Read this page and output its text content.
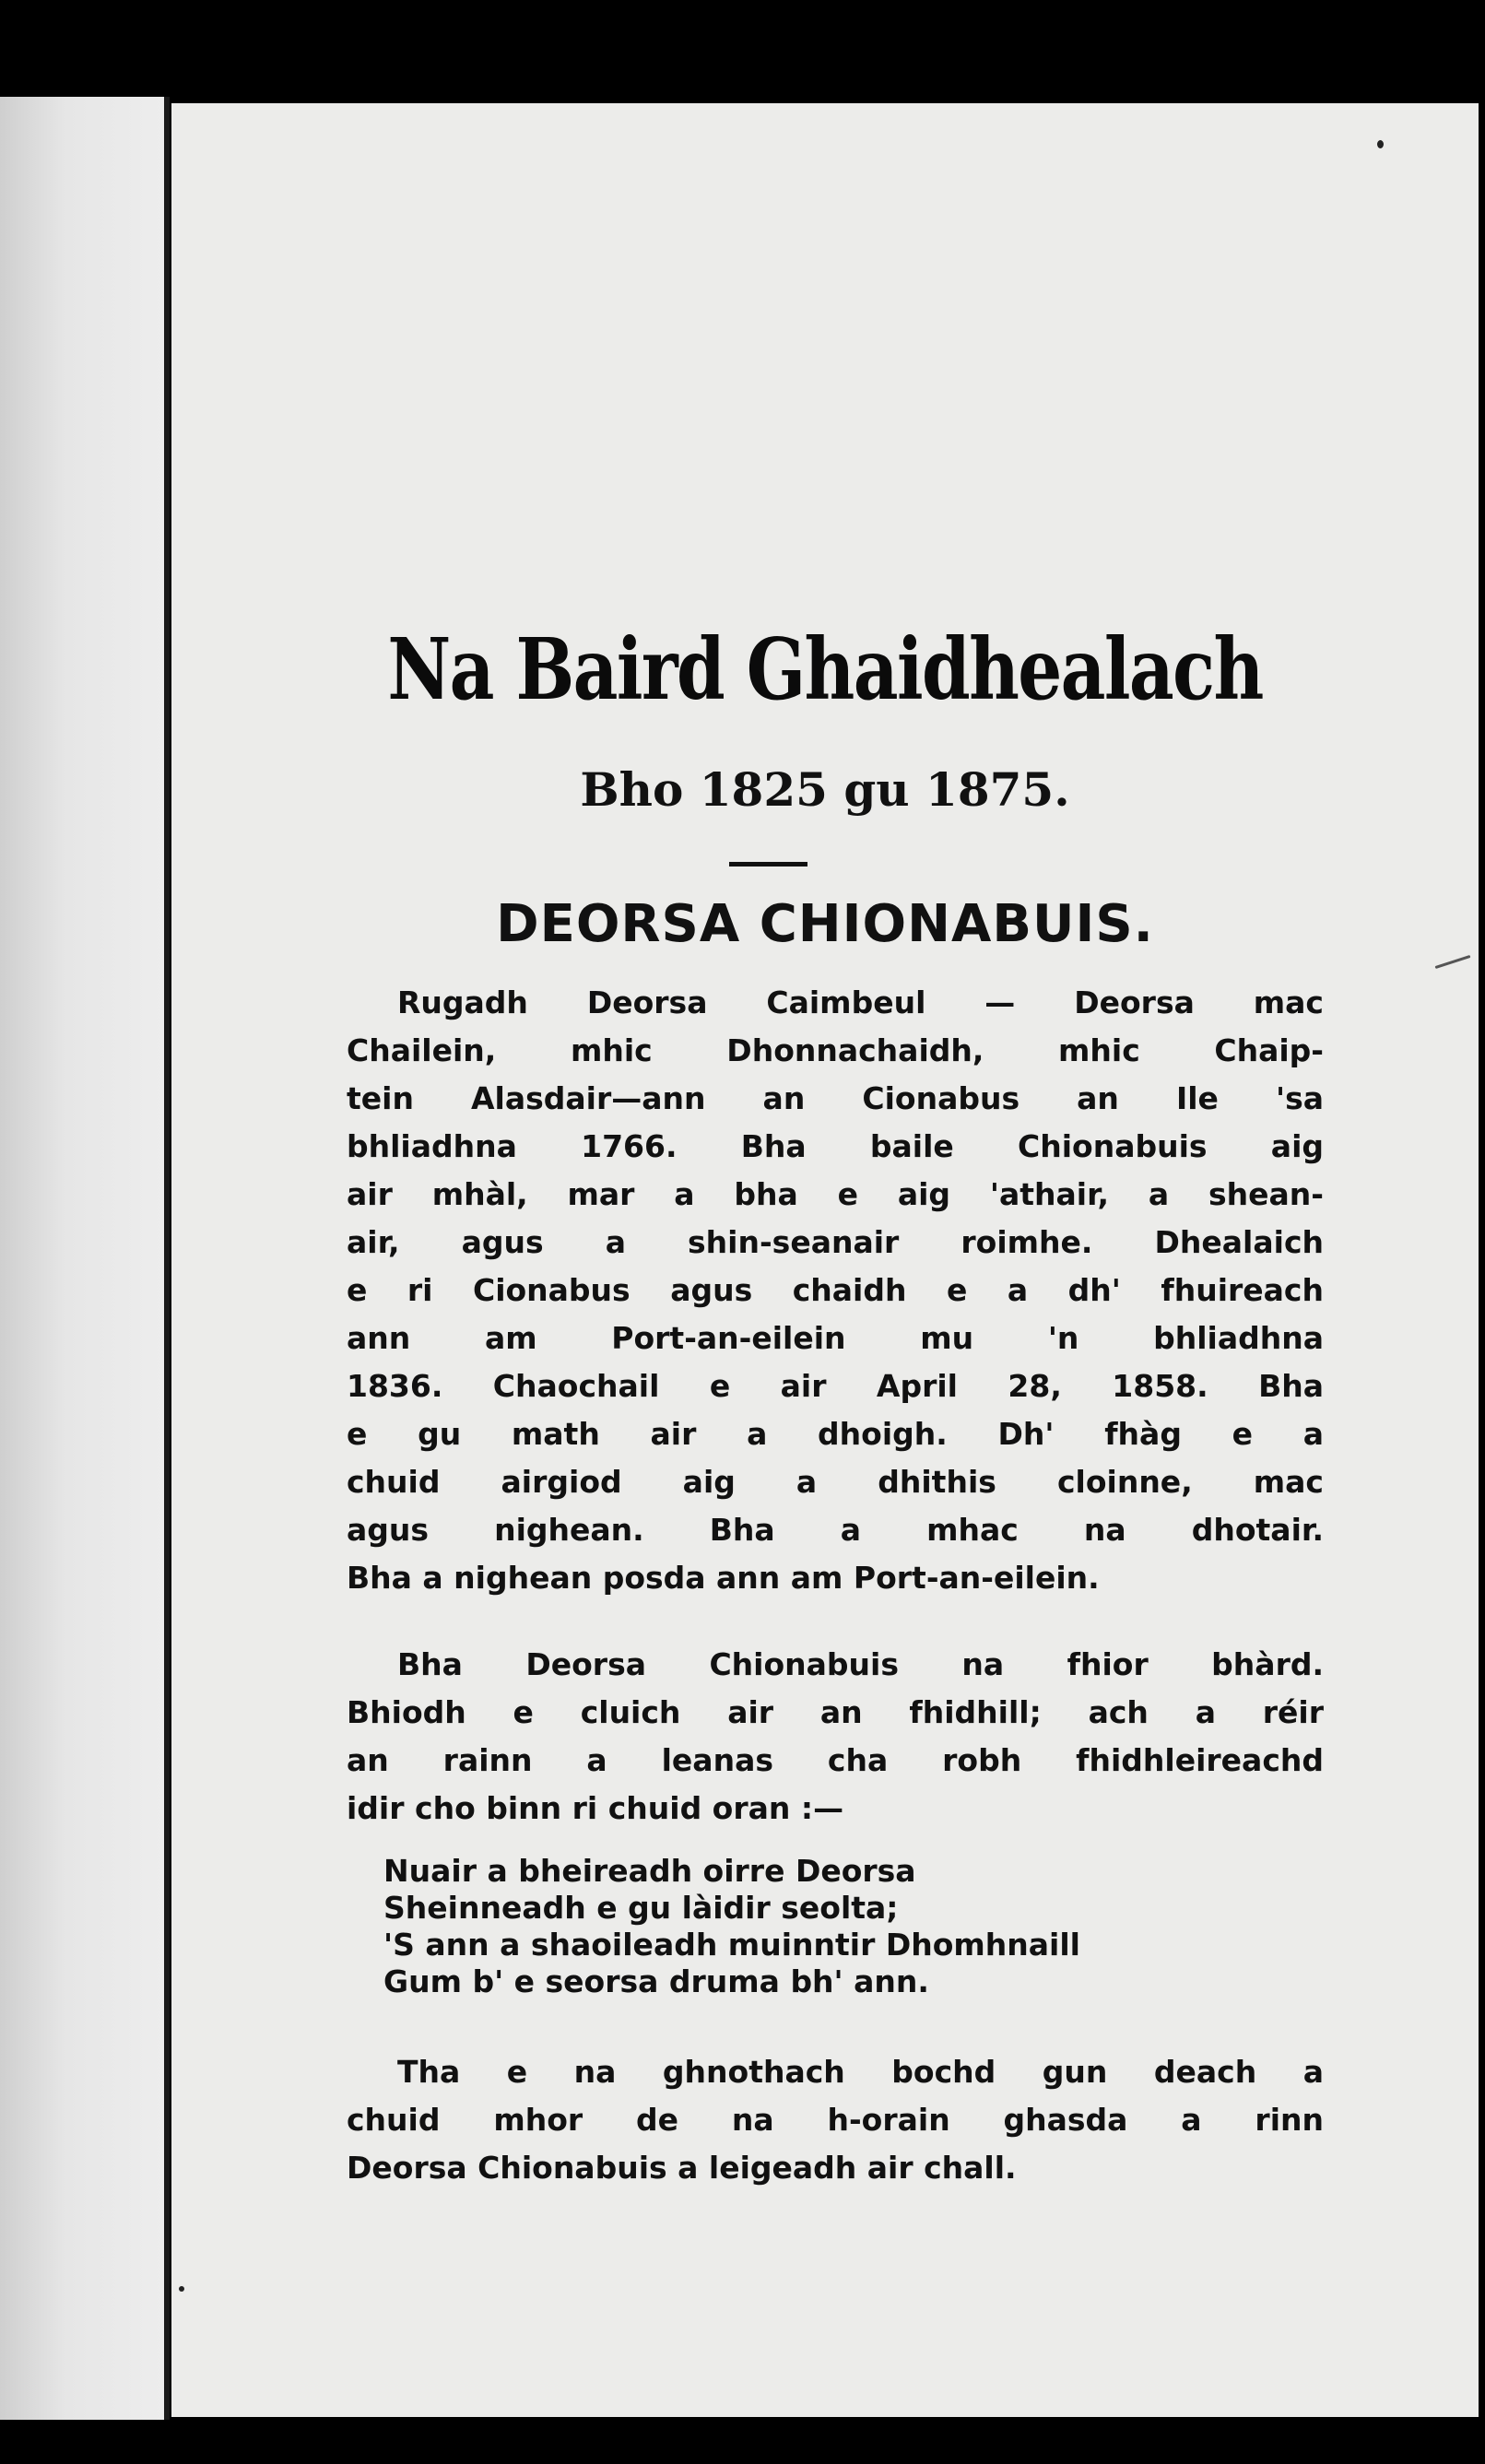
Na Baird Ghaidhealach
Bho 1825 gu 1875.
DEORSA CHIONABUIS.
Rugadh Deorsa Caimbeul — Deorsa mac
Chailein, mhic Dhonnachaidh, mhic Chaip-
tein Alasdair—ann an Cionabus an Ile 'sa
bhliadhna 1766. Bha baile Chionabuis aig
air mhàl, mar a bha e aig 'athair, a shean-
air, agus a shin-seanair roimhe. Dhealaich
e ri Cionabus agus chaidh e a dh' fhuireach
ann am Port-an-eilein mu 'n bhliadhna
1836. Chaochail e air April 28, 1858. Bha
e gu math air a dhoigh. Dh' fhàg e a
chuid airgiod aig a dhithis cloinne, mac
agus nighean. Bha a mhac na dhotair.
Bha a nighean posda ann am Port-an-eilein.
Bha Deorsa Chionabuis na fhior bhàrd.
Bhiodh e cluich air an fhidhill; ach a réir
an rainn a leanas cha robh fhidhleireachd
idir cho binn ri chuid oran :—
Nuair a bheireadh oirre Deorsa
Sheinneadh e gu làidir seolta;
'S ann a shaoileadh muinntir Dhomhnaill
Gum b' e seorsa druma bh' ann.
Tha e na ghnothach bochd gun deach a
chuid mhor de na h-orain ghasda a rinn
Deorsa Chionabuis a leigeadh air chall.
